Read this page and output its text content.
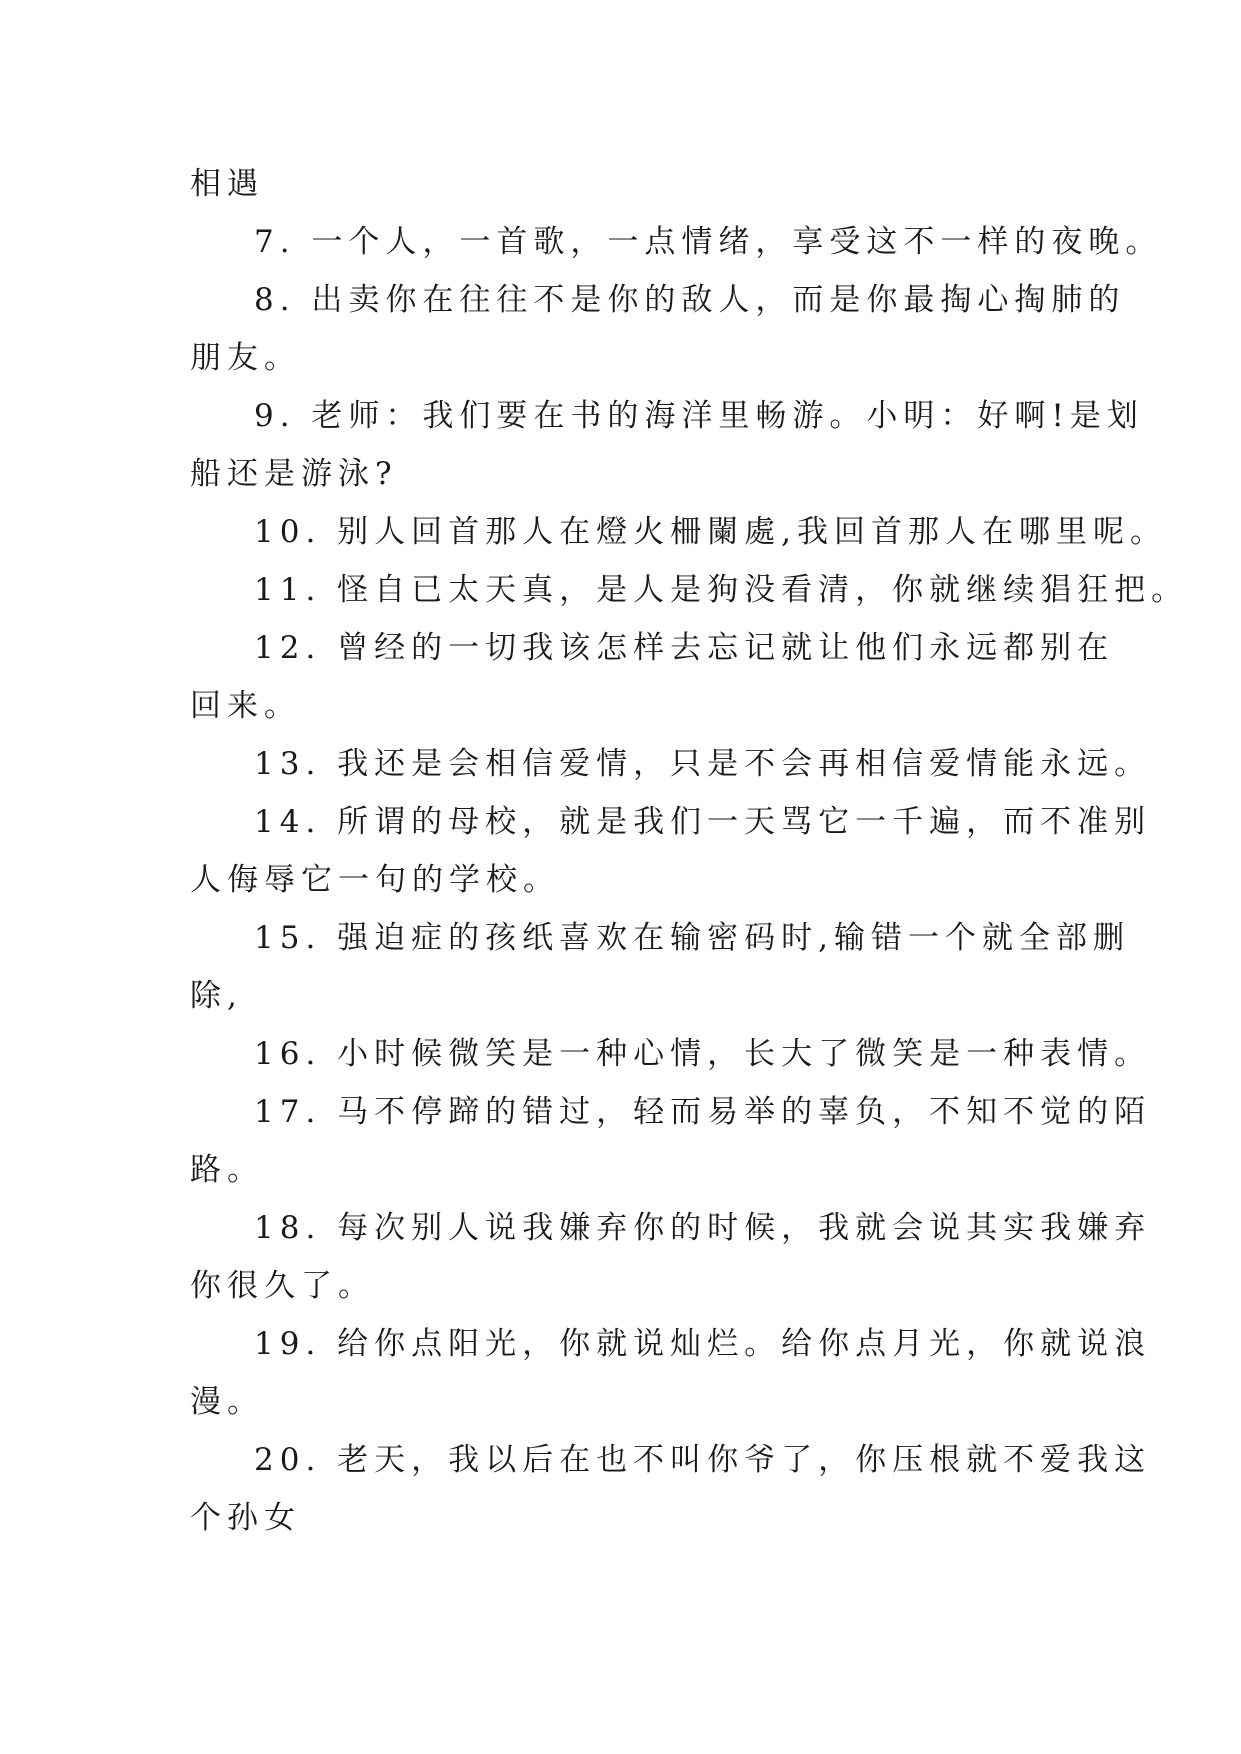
相遇
7. 一个人，一首歌，一点情绪，享受这不一样的夜晚。
8. 出卖你在往往不是你的敌人，而是你最掏心掏肺的
朋友。
9. 老师：我们要在书的海洋里畅游。小明：好啊!是划
船还是游泳?
10. 别人回首那人在燈火柵闌處,我回首那人在哪里呢。
11. 怪自已太天真，是人是狗没看清，你就继续猖狂把。
12. 曾经的一切我该怎样去忘记就让他们永远都别在
回来。
13. 我还是会相信爱情，只是不会再相信爱情能永远。
14. 所谓的母校，就是我们一天骂它一千遍，而不准别
人侮辱它一句的学校。
15. 强迫症的孩纸喜欢在输密码时,输错一个就全部删
除,
16. 小时候微笑是一种心情，长大了微笑是一种表情。
17. 马不停蹄的错过，轻而易举的辜负，不知不觉的陌
路。
18. 每次别人说我嫌弃你的时候，我就会说其实我嫌弃
你很久了。
19. 给你点阳光，你就说灿烂。给你点月光，你就说浪
漫。
20. 老天，我以后在也不叫你爷了，你压根就不爱我这
个孙女
